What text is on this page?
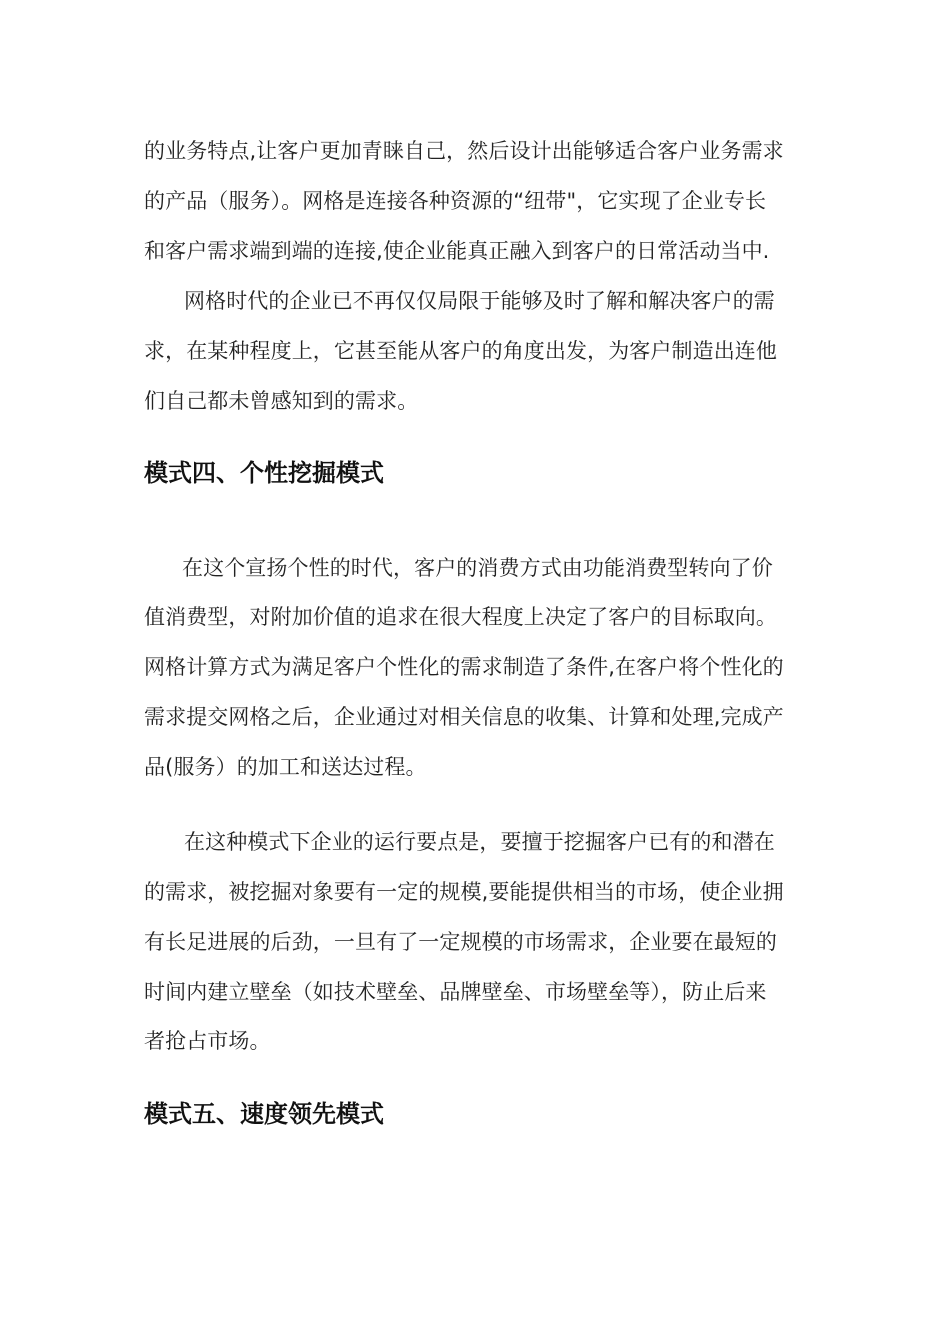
的业务特点,让客户更加青睐自己，然后设计出能够适合客户业务需求
的产品（服务）。网格是连接各种资源的“纽带"，它实现了企业专长
和客户需求端到端的连接,使企业能真正融入到客户的日常活动当中.
网格时代的企业已不再仅仅局限于能够及时了解和解决客户的需
求，在某种程度上，它甚至能从客户的角度出发，为客户制造出连他
们自己都未曾感知到的需求。
模式四、个性挖掘模式
在这个宣扬个性的时代，客户的消费方式由功能消费型转向了价
值消费型，对附加价值的追求在很大程度上决定了客户的目标取向。
网格计算方式为满足客户个性化的需求制造了条件,在客户将个性化的
需求提交网格之后，企业通过对相关信息的收集、计算和处理,完成产
品(服务）的加工和送达过程。
在这种模式下企业的运行要点是，要擅于挖掘客户已有的和潜在
的需求，被挖掘对象要有一定的规模,要能提供相当的市场，使企业拥
有长足进展的后劲，一旦有了一定规模的市场需求，企业要在最短的
时间内建立壁垒（如技术壁垒、品牌壁垒、市场壁垒等），防止后来
者抢占市场。
模式五、速度领先模式
